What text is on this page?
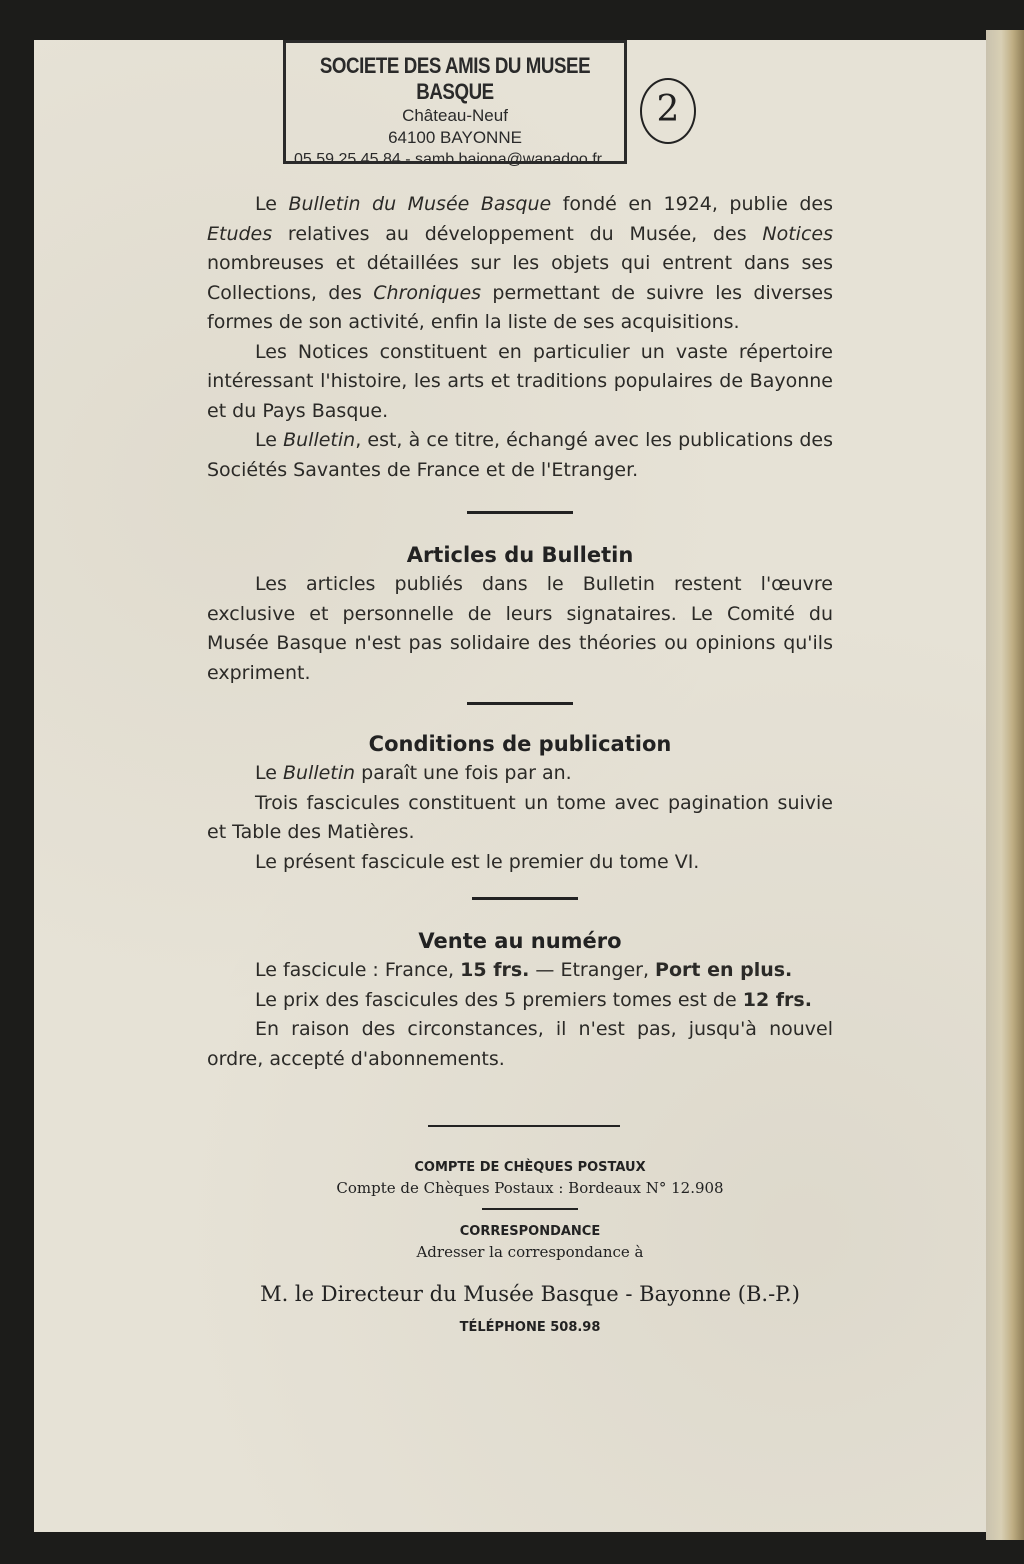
SOCIETE DES AMIS DU MUSEE BASQUE
Château-Neuf
64100 BAYONNE
05 59 25 45 84 - samb.baiona@wanadoo.fr
2

Le Bulletin du Musée Basque fondé en 1924, publie des Etudes relatives au développement du Musée, des Notices nombreuses et détaillées sur les objets qui entrent dans ses Collections, des Chroniques permettant de suivre les diverses formes de son activité, enfin la liste de ses acquisitions.

Les Notices constituent en particulier un vaste répertoire intéressant l'histoire, les arts et traditions populaires de Bayonne et du Pays Basque.

Le Bulletin, est, à ce titre, échangé avec les publications des Sociétés Savantes de France et de l'Etranger.

Articles du Bulletin

Les articles publiés dans le Bulletin restent l'œuvre exclusive et personnelle de leurs signataires. Le Comité du Musée Basque n'est pas solidaire des théories ou opinions qu'ils expriment.

Conditions de publication

Le Bulletin paraît une fois par an.

Trois fascicules constituent un tome avec pagination suivie et Table des Matières.

Le présent fascicule est le premier du tome VI.

Vente au numéro

Le fascicule : France, 15 frs. — Etranger, Port en plus.

Le prix des fascicules des 5 premiers tomes est de 12 frs.

En raison des circonstances, il n'est pas, jusqu'à nouvel ordre, accepté d'abonnements.

COMPTE DE CHÈQUES POSTAUX
Compte de Chèques Postaux : Bordeaux N° 12.908
CORRESPONDANCE
Adresser la correspondance à
M. le Directeur du Musée Basque - Bayonne (B.-P.)
TÉLÉPHONE 508.98
